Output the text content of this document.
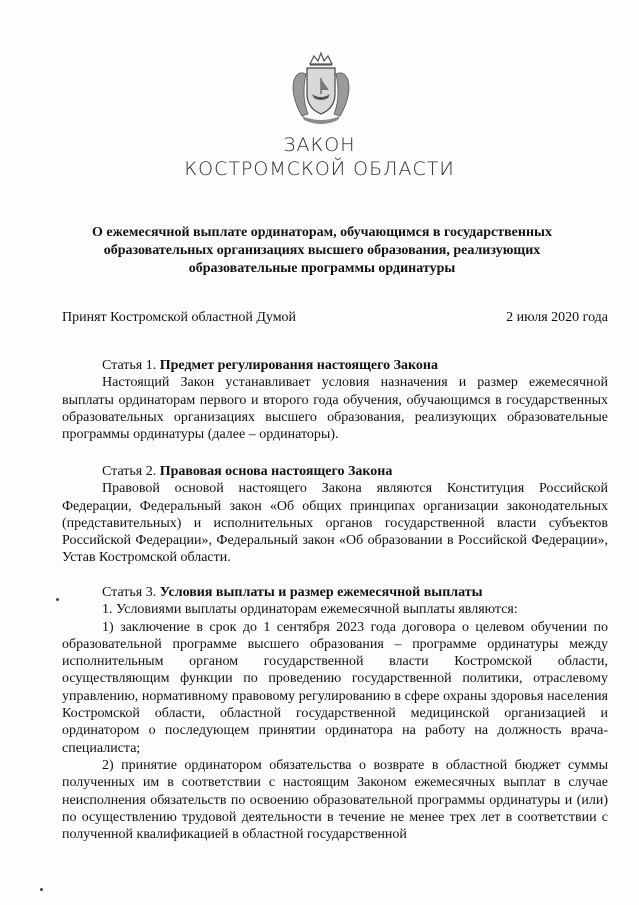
ЗАКОН
КОСТРОМСКОЙ ОБЛАСТИ
О ежемесячной выплате ординаторам, обучающимся в государственных образовательных организациях высшего образования, реализующих образовательные программы ординатуры
Принят Костромской областной Думой	2 июля 2020 года

Статья 1. Предмет регулирования настоящего Закона

Настоящий Закон устанавливает условия назначения и размер ежемесячной выплаты ординаторам первого и второго года обучения, обучающимся в государственных образовательных организациях высшего образования, реализующих образовательные программы ординатуры (далее – ординаторы).

Статья 2. Правовая основа настоящего Закона

Правовой основой настоящего Закона являются Конституция Российской Федерации, Федеральный закон «Об общих принципах организации законодательных (представительных) и исполнительных органов государственной власти субъектов Российской Федерации», Федеральный закон «Об образовании в Российской Федерации», Устав Костромской области.

Статья 3. Условия выплаты и размер ежемесячной выплаты

1. Условиями выплаты ординаторам ежемесячной выплаты являются:

1) заключение в срок до 1 сентября 2023 года договора о целевом обучении по образовательной программе высшего образования – программе ординатуры между исполнительным органом государственной власти Костромской области, осуществляющим функции по проведению государственной политики, отраслевому управлению, нормативному правовому регулированию в сфере охраны здоровья населения Костромской области, областной государственной медицинской организацией и ординатором о последующем принятии ординатора на работу на должность врача-специалиста;

2) принятие ординатором обязательства о возврате в областной бюджет суммы полученных им в соответствии с настоящим Законом ежемесячных выплат в случае неисполнения обязательств по освоению образовательной программы ординатуры и (или) по осуществлению трудовой деятельности в течение не менее трех лет в соответствии с полученной квалификацией в областной государственной
